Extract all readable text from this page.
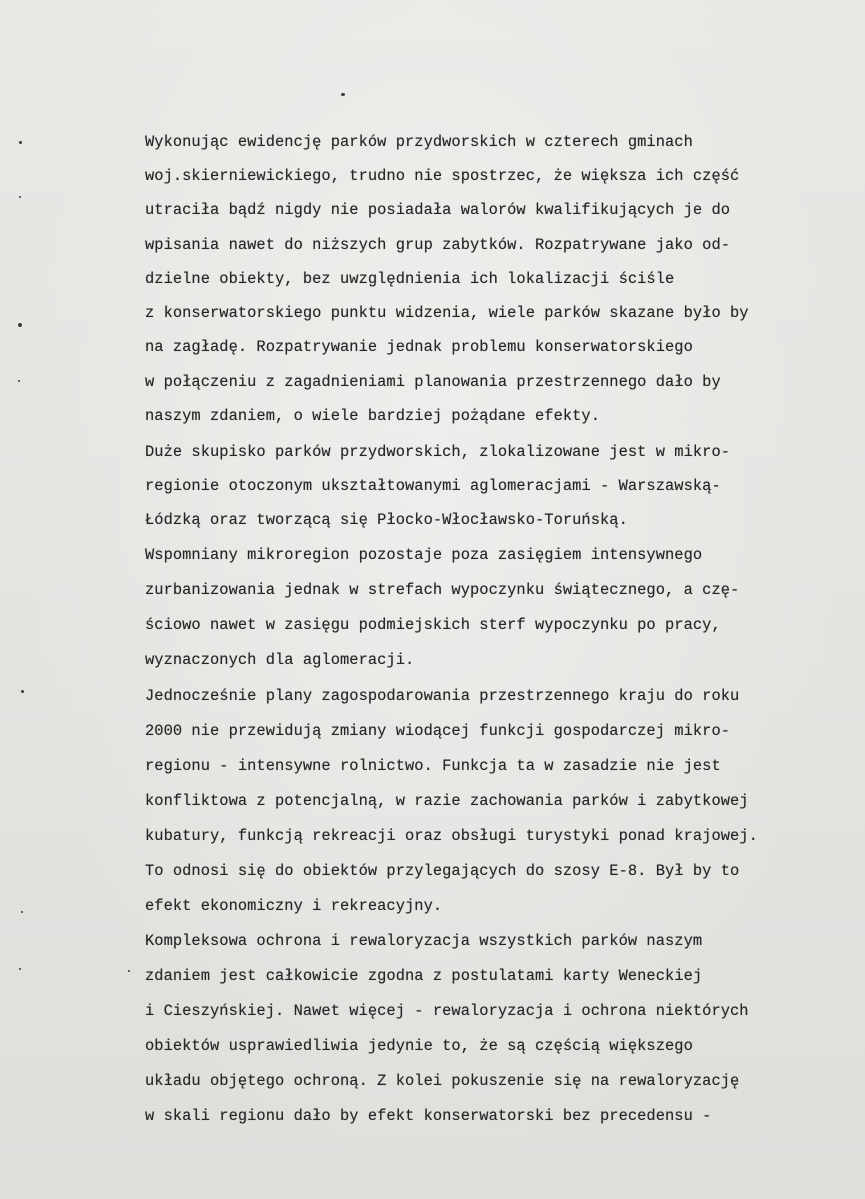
Wykonując ewidencję parków przydworskich w czterech gminach
woj.skierniewickiego, trudno nie spostrzec, że większa ich część
utraciła bądź nigdy nie posiadała walorów kwalifikujących je do
wpisania nawet do niższych grup zabytków. Rozpatrywane jako od-
dzielne obiekty, bez uwzględnienia ich lokalizacji ściśle
z konserwatorskiego punktu widzenia, wiele parków skazane było by
na zagładę. Rozpatrywanie jednak problemu konserwatorskiego
w połączeniu z zagadnieniami planowania przestrzennego dało by
naszym zdaniem, o wiele bardziej pożądane efekty.
Duże skupisko parków przydworskich, zlokalizowane jest w mikro-
regionie otoczonym ukształtowanymi aglomeracjami - Warszawską-
Łódzką oraz tworzącą się Płocko-Włocławsko-Toruńską.
Wspomniany mikroregion pozostaje poza zasięgiem intensywnego
zurbanizowania jednak w strefach wypoczynku świątecznego, a czę-
ściowo nawet w zasięgu podmiejskich sterf wypoczynku po pracy,
wyznaczonych dla aglomeracji.
Jednocześnie plany zagospodarowania przestrzennego kraju do roku
2000 nie przewidują zmiany wiodącej funkcji gospodarczej mikro-
regionu - intensywne rolnictwo. Funkcja ta w zasadzie nie jest
konfliktowa z potencjalną, w razie zachowania parków i zabytkowej
kubatury, funkcją rekreacji oraz obsługi turystyki ponad krajowej.
To odnosi się do obiektów przylegających do szosy E-8. Był by to
efekt ekonomiczny i rekreacyjny.
Kompleksowa ochrona i rewaloryzacja wszystkich parków naszym
zdaniem jest całkowicie zgodna z postulatami karty Weneckiej
i Cieszyńskiej. Nawet więcej - rewaloryzacja i ochrona niektórych
obiektów usprawiedliwia jedynie to, że są częścią większego
układu objętego ochroną. Z kolei pokuszenie się na rewaloryzację
w skali regionu dało by efekt konserwatorski bez precedensu -
